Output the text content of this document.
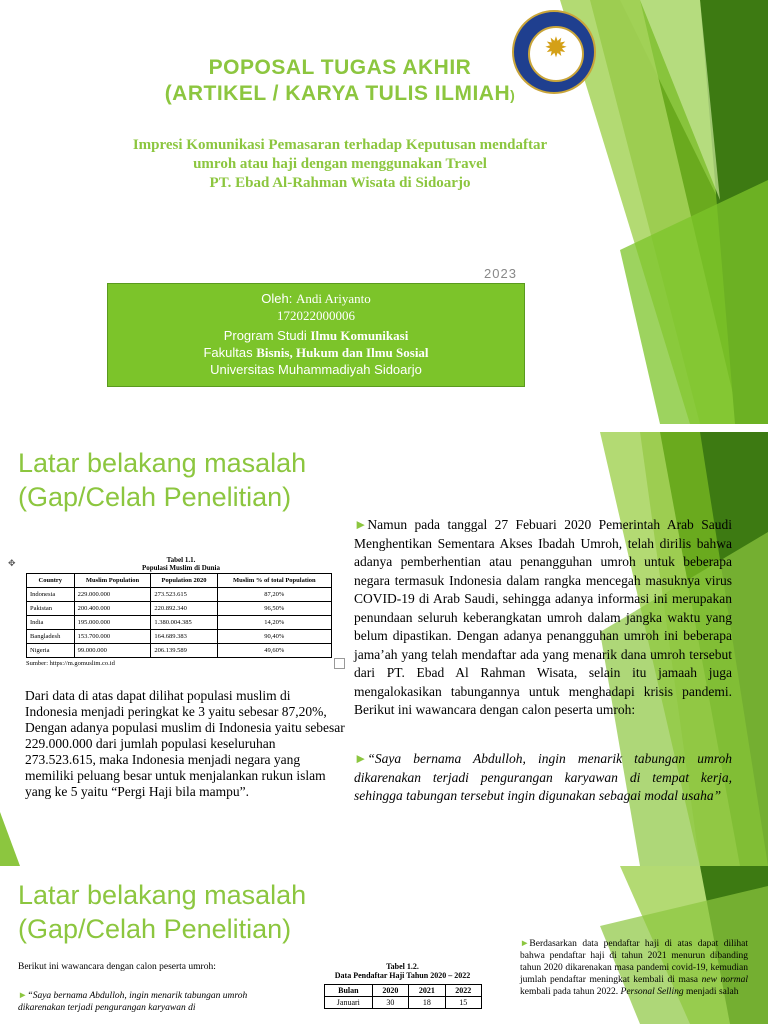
✹
POPOSAL TUGAS AKHIR
(ARTIKEL / KARYA TULIS ILMIAH)
Impresi Komunikasi Pemasaran terhadap Keputusan mendaftar
umroh atau haji dengan menggunakan Travel
PT. Ebad Al-Rahman Wisata di Sidoarjo
2023
Oleh: Andi Ariyanto
172022000006
Program Studi Ilmu Komunikasi
Fakultas Bisnis, Hukum dan Ilmu Sosial
Universitas Muhammadiyah Sidoarjo
Latar belakang masalah
(Gap/Celah Penelitian)
✥	Tabel 1.1.
Populasi Muslim di Dunia
Country	Muslim Population	Population 2020	Muslim % of total Population
Indonesia	229.000.000	273.523.615	87,20%
Pakistan	200.400.000	220.892.340	96,50%
India	195.000.000	1.380.004.385	14,20%
Bangladesh	153.700.000	164.689.383	90,40%
Nigeria	99.000.000	206.139.589	49,60%
Sumber: https://m.gomuslim.co.id
Dari data di atas dapat dilihat populasi muslim di Indonesia menjadi peringkat ke 3 yaitu sebesar 87,20%, Dengan adanya populasi muslim di Indonesia yaitu sebesar 229.000.000 dari jumlah populasi keseluruhan 273.523.615, maka Indonesia menjadi negara yang memiliki peluang besar untuk menjalankan rukun islam yang ke 5 yaitu “Pergi Haji bila mampu”.
►Namun pada tanggal 27 Febuari 2020 Pemerintah Arab Saudi Menghentikan Sementara Akses Ibadah Umroh, telah dirilis bahwa adanya pemberhentian atau penangguhan umroh untuk beberapa negara termasuk Indonesia dalam rangka mencegah masuknya virus COVID-19 di Arab Saudi, sehingga adanya informasi ini merupakan penundaan seluruh keberangkatan umroh dalam jangka waktu yang belum dipastikan. Dengan adanya penangguhan umroh ini beberapa jama’ah yang telah mendaftar ada yang menarik dana umroh tersebut dari PT. Ebad Al Rahman Wisata, selain itu jamaah juga mengalokasikan tabungannya untuk menghadapi krisis pandemi. Berikut ini wawancara dengan calon peserta umroh:
►“Saya bernama Abdulloh, ingin menarik tabungan umroh dikarenakan terjadi pengurangan karyawan di tempat kerja, sehingga tabungan tersebut ingin digunakan sebagai modal usaha”
Latar belakang masalah
(Gap/Celah Penelitian)
Berikut ini wawancara dengan calon peserta umroh:
►“Saya bernama Abdulloh, ingin menarik tabungan umroh dikarenakan terjadi pengurangan karyawan di
Tabel 1.2.
Data Pendaftar Haji Tahun 2020 – 2022
Bulan	2020	2021	2022
Januari	30	18	15
►Berdasarkan data pendaftar haji di atas dapat dilihat bahwa pendaftar haji di tahun 2021 menurun dibanding tahun 2020 dikarenakan masa pandemi covid-19, kemudian jumlah pendaftar meningkat kembali di masa new normal kembali pada tahun 2022. Personal Selling menjadi salah
